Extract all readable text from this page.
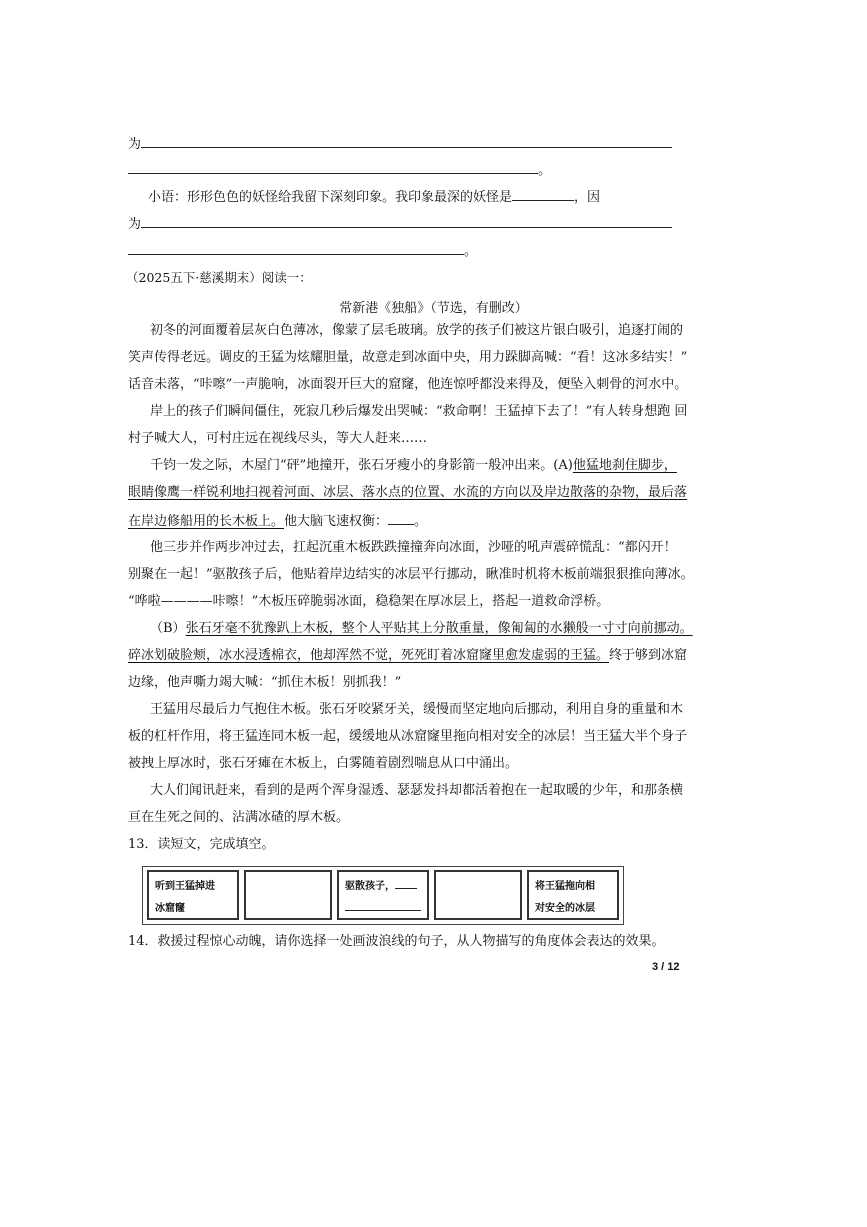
为
。
小语：形形色色的妖怪给我留下深刻印象。我印象最深的妖怪是	，因
为
。
（2025五下·慈溪期末）阅读一：
常新港《独船》（节选，有删改）
初冬的河面覆着层灰白色薄冰，像蒙了层毛玻璃。放学的孩子们被这片银白吸引，追逐打闹的
笑声传得老远。调皮的王猛为炫耀胆量，故意走到冰面中央，用力跺脚高喊：“看！这冰多结实！”
话音未落，“咔嚓”一声脆响，冰面裂开巨大的窟窿，他连惊呼都没来得及，便坠入刺骨的河水中。
岸上的孩子们瞬间僵住，死寂几秒后爆发出哭喊：“救命啊！王猛掉下去了！”有人转身想跑 回
村子喊大人，可村庄远在视线尽头，等大人赶来……
千钧一发之际，木屋门“砰”地撞开，张石牙瘦小的身影箭一般冲出来。(A)他猛地刹住脚步，
眼睛像鹰一样锐利地扫视着河面、冰层、落水点的位置、水流的方向以及岸边散落的杂物，最后落
在岸边修船用的长木板上。他大脑飞速权衡： 。
他三步并作两步冲过去，扛起沉重木板跌跌撞撞奔向冰面，沙哑的吼声震碎慌乱：“都闪开！
别聚在一起！”驱散孩子后，他贴着岸边结实的冰层平行挪动，瞅准时机将木板前端狠狠推向薄冰。
“哗啦————咔嚓！”木板压碎脆弱冰面，稳稳架在厚冰层上，搭起一道救命浮桥。
（B）张石牙毫不犹豫趴上木板，整个人平贴其上分散重量，像匍匐的水獭般一寸寸向前挪动。
碎冰划破脸颊，冰水浸透棉衣，他却浑然不觉，死死盯着冰窟窿里愈发虚弱的王猛。终于够到冰窟
边缘，他声嘶力竭大喊：“抓住木板！别抓我！”
王猛用尽最后力气抱住木板。张石牙咬紧牙关，缓慢而坚定地向后挪动，利用自身的重量和木
板的杠杆作用，将王猛连同木板一起，缓缓地从冰窟窿里拖向相对安全的冰层！当王猛大半个身子
被拽上厚冰时，张石牙瘫在木板上，白雾随着剧烈喘息从口中涌出。
大人们闻讯赶来，看到的是两个浑身湿透、瑟瑟发抖却都活着抱在一起取暖的少年，和那条横
亘在生死之间的、沾满冰碴的厚木板。
13．读短文，完成填空。
听到王猛掉进
冰窟窿
驱散孩子，	将王猛拖向相
对安全的冰层
14．救援过程惊心动魄，请你选择一处画波浪线的句子，从人物描写的角度体会表达的效果。
3 / 12
